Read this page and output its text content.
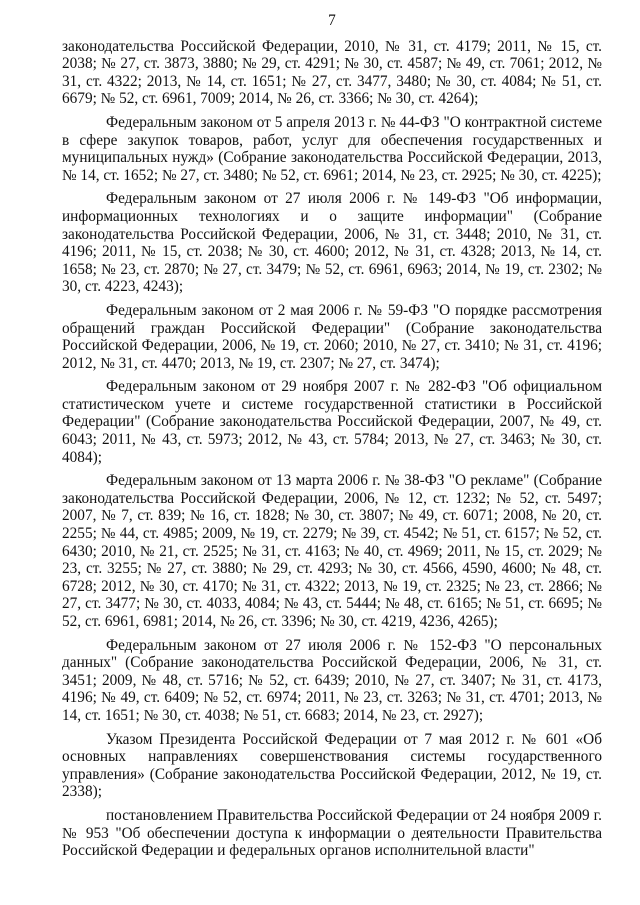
7

законодательства Российской Федерации, 2010, № 31, ст. 4179; 2011, № 15, ст. 2038; № 27, ст. 3873, 3880; № 29, ст. 4291; № 30, ст. 4587; № 49, ст. 7061; 2012, № 31, ст. 4322; 2013, № 14, ст. 1651; № 27, ст. 3477, 3480; № 30, ст. 4084; № 51, ст. 6679; № 52, ст. 6961, 7009; 2014, № 26, ст. 3366; № 30, ст. 4264);

Федеральным законом от 5 апреля 2013 г. № 44-ФЗ "О контрактной системе в сфере закупок товаров, работ, услуг для обеспечения государственных и муниципальных нужд» (Собрание законодательства Российской Федерации, 2013, № 14, ст. 1652; № 27, ст. 3480; № 52, ст. 6961; 2014, № 23, ст. 2925; № 30, ст. 4225);

Федеральным законом от 27 июля 2006 г. № 149-ФЗ "Об информации, информационных технологиях и о защите информации" (Собрание законодательства Российской Федерации, 2006, № 31, ст. 3448; 2010, № 31, ст. 4196; 2011, № 15, ст. 2038; № 30, ст. 4600; 2012, № 31, ст. 4328; 2013, № 14, ст. 1658; № 23, ст. 2870; № 27, ст. 3479; № 52, ст. 6961, 6963; 2014, № 19, ст. 2302; № 30, ст. 4223, 4243);

Федеральным законом от 2 мая 2006 г. № 59-ФЗ "О порядке рассмотрения обращений граждан Российской Федерации" (Собрание законодательства Российской Федерации, 2006, № 19, ст. 2060; 2010, № 27, ст. 3410; № 31, ст. 4196; 2012, № 31, ст. 4470; 2013, № 19, ст. 2307; № 27, ст. 3474);

Федеральным законом от 29 ноября 2007 г. № 282-ФЗ "Об официальном статистическом учете и системе государственной статистики в Российской Федерации" (Собрание законодательства Российской Федерации, 2007, № 49, ст. 6043; 2011, № 43, ст. 5973; 2012, № 43, ст. 5784; 2013, № 27, ст. 3463; № 30, ст. 4084);

Федеральным законом от 13 марта 2006 г. № 38-ФЗ "О рекламе" (Собрание законодательства Российской Федерации, 2006, № 12, ст. 1232; № 52, ст. 5497; 2007, № 7, ст. 839; № 16, ст. 1828; № 30, ст. 3807; № 49, ст. 6071; 2008, № 20, ст. 2255; № 44, ст. 4985; 2009, № 19, ст. 2279; № 39, ст. 4542; № 51, ст. 6157; № 52, ст. 6430; 2010, № 21, ст. 2525; № 31, ст. 4163; № 40, ст. 4969; 2011, № 15, ст. 2029; № 23, ст. 3255; № 27, ст. 3880; № 29, ст. 4293; № 30, ст. 4566, 4590, 4600; № 48, ст. 6728; 2012, № 30, ст. 4170; № 31, ст. 4322; 2013, № 19, ст. 2325; № 23, ст. 2866; № 27, ст. 3477; № 30, ст. 4033, 4084; № 43, ст. 5444; № 48, ст. 6165; № 51, ст. 6695; № 52, ст. 6961, 6981; 2014, № 26, ст. 3396; № 30, ст. 4219, 4236, 4265);

Федеральным законом от 27 июля 2006 г. № 152-ФЗ "О персональных данных" (Собрание законодательства Российской Федерации, 2006, № 31, ст. 3451; 2009, № 48, ст. 5716; № 52, ст. 6439; 2010, № 27, ст. 3407; № 31, ст. 4173, 4196; № 49, ст. 6409; № 52, ст. 6974; 2011, № 23, ст. 3263; № 31, ст. 4701; 2013, № 14, ст. 1651; № 30, ст. 4038; № 51, ст. 6683; 2014, № 23, ст. 2927);

Указом Президента Российской Федерации от 7 мая 2012 г. № 601 «Об основных направлениях совершенствования системы государственного управления» (Собрание законодательства Российской Федерации, 2012, № 19, ст. 2338);

постановлением Правительства Российской Федерации от 24 ноября 2009 г. № 953 "Об обеспечении доступа к информации о деятельности Правительства Российской Федерации и федеральных органов исполнительной власти"
